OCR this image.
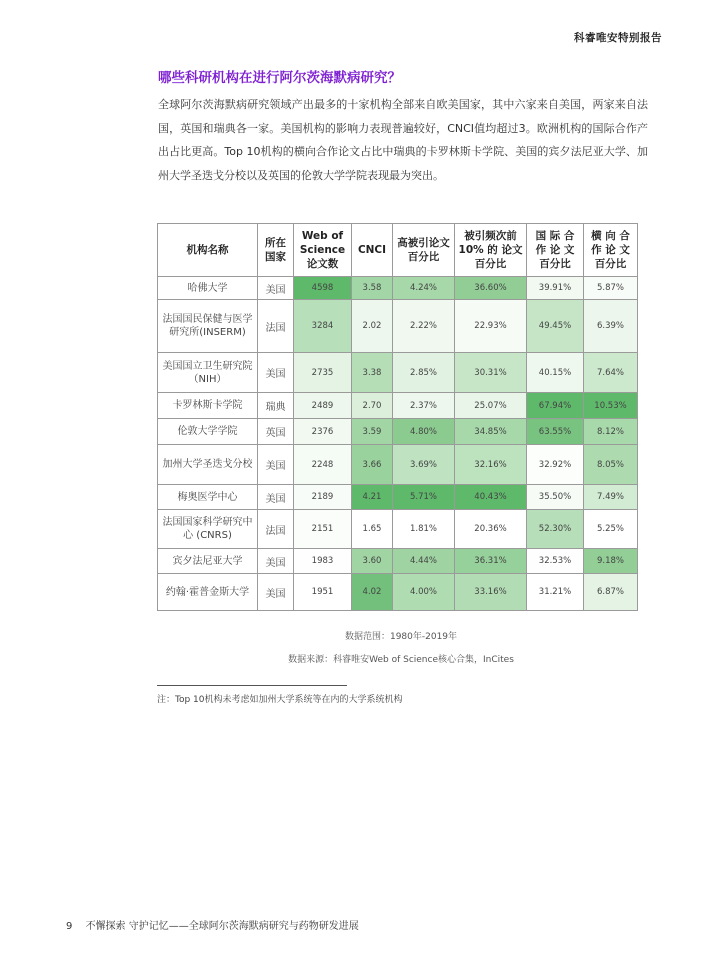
科睿唯安特别报告
哪些科研机构在进行阿尔茨海默病研究？
全球阿尔茨海默病研究领域产出最多的十家机构全部来自欧美国家，其中六家来自美国，两家来自法国，英国和瑞典各一家。美国机构的影响力表现普遍较好，CNCI值均超过3。欧洲机构的国际合作产出占比更高。Top 10机构的横向合作论文占比中瑞典的卡罗林斯卡学院、美国的宾夕法尼亚大学、加州大学圣迭戈分校以及英国的伦敦大学学院表现最为突出。
机构名称	所在国家	Web of Science 论文数	CNCI	高被引论文百分比	被引频次前10% 的 论文百分比	国 际 合 作 论 文 百分比	横 向 合 作 论 文 百分比
哈佛大学	美国	4598	3.58	4.24%	36.60%	39.91%	5.87%
法国国民保健与医学研究所(INSERM)	法国	3284	2.02	2.22%	22.93%	49.45%	6.39%
美国国立卫生研究院（NIH）	美国	2735	3.38	2.85%	30.31%	40.15%	7.64%
卡罗林斯卡学院	瑞典	2489	2.70	2.37%	25.07%	67.94%	10.53%
伦敦大学学院	英国	2376	3.59	4.80%	34.85%	63.55%	8.12%
加州大学圣迭戈分校	美国	2248	3.66	3.69%	32.16%	32.92%	8.05%
梅奥医学中心	美国	2189	4.21	5.71%	40.43%	35.50%	7.49%
法国国家科学研究中心 (CNRS)	法国	2151	1.65	1.81%	20.36%	52.30%	5.25%
宾夕法尼亚大学	美国	1983	3.60	4.44%	36.31%	32.53%	9.18%
约翰·霍普金斯大学	美国	1951	4.02	4.00%	33.16%	31.21%	6.87%
数据范围：1980年-2019年
数据来源：科睿唯安Web of Science核心合集，InCites
注：Top 10机构未考虑如加州大学系统等在内的大学系统机构
9 不懈探索 守护记忆——全球阿尔茨海默病研究与药物研发进展
